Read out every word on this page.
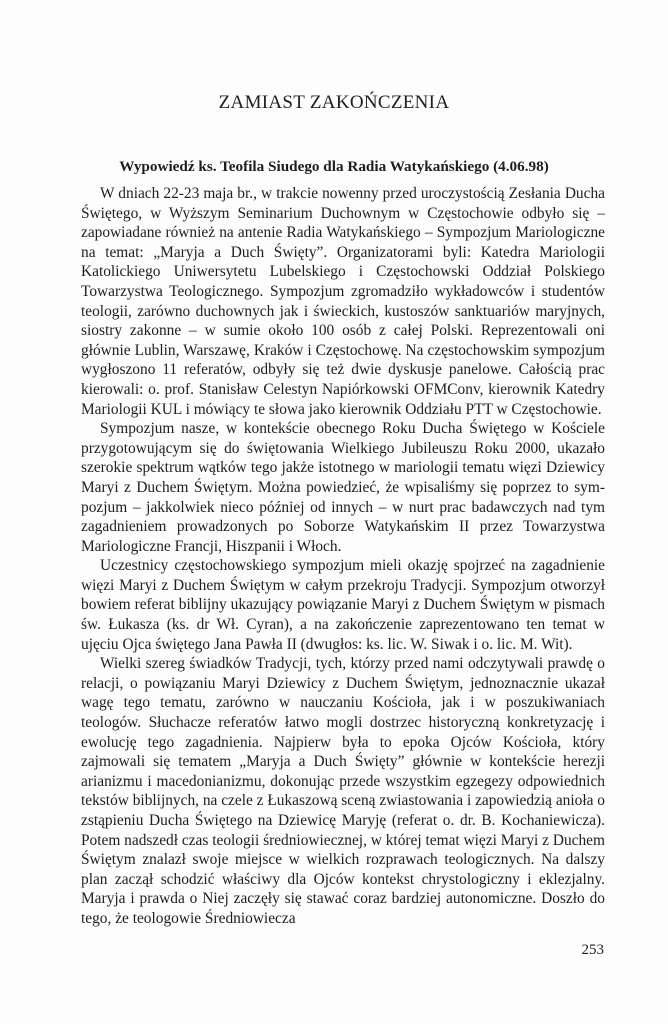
ZAMIAST ZAKOŃCZENIA
Wypowiedź ks. Teofila Siudego dla Radia Watykańskiego (4.06.98)

W dniach 22-23 maja br., w trakcie nowenny przed uroczystością Zesłania Ducha Świętego, w Wyższym Seminarium Duchownym w Częstochowie odbyło się – zapowiadane również na antenie Radia Watykańskiego – Sympozjum Mariologiczne na temat: „Maryja a Duch Święty”. Organizatorami byli: Katedra Mariologii Katolickiego Uniwersytetu Lubelskiego i Częstochowski Oddział Polskiego Towarzystwa Teologicznego. Sympozjum zgromadziło wykładowców i studentów teologii, zarówno duchownych jak i świeckich, kustoszów sanktuariów maryjnych, siostry zakonne – w sumie około 100 osób z całej Polski. Reprezentowali oni głównie Lublin, Warszawę, Kraków i Częstochowę. Na częstochowskim sympozjum wygłoszono 11 referatów, odbyły się też dwie dyskusje panelowe. Całością prac kierowali: o. prof. Stanisław Celestyn Napiórkowski OFMConv, kierownik Katedry Mariologii KUL i mówiący te słowa jako kierownik Oddziału PTT w Częstochowie.

Sympozjum nasze, w kontekście obecnego Roku Ducha Świętego w Kościele przygotowującym się do świętowania Wielkiego Jubileuszu Roku 2000, ukazało szerokie spektrum wątków tego jakże istotnego w mariologii tematu więzi Dziewicy Maryi z Duchem Świętym. Można powiedzieć, że wpisaliśmy się poprzez to sympozjum – jakkolwiek nieco później od innych – w nurt prac badawczych nad tym zagadnieniem prowadzonych po Soborze Watykańskim II przez Towarzystwa Mariologiczne Francji, Hiszpanii i Włoch.

Uczestnicy częstochowskiego sympozjum mieli okazję spojrzeć na zagadnienie więzi Maryi z Duchem Świętym w całym przekroju Tradycji. Sympozjum otworzył bowiem referat biblijny ukazujący powiązanie Maryi z Duchem Świętym w pismach św. Łukasza (ks. dr Wł. Cyran), a na zakończenie zaprezentowano ten temat w ujęciu Ojca świętego Jana Pawła II (dwugłos: ks. lic. W. Siwak i o. lic. M. Wit).

Wielki szereg świadków Tradycji, tych, którzy przed nami odczytywali prawdę o relacji, o powiązaniu Maryi Dziewicy z Duchem Świętym, jednoznacznie ukazał wagę tego tematu, zarówno w nauczaniu Kościoła, jak i w poszukiwaniach teologów. Słuchacze referatów łatwo mogli dostrzec historyczną konkretyzację i ewolucję tego zagadnienia. Najpierw była to epoka Ojców Kościoła, który zajmowali się tematem „Maryja a Duch Święty” głównie w kontekście herezji arianizmu i macedonianizmu, dokonując przede wszystkim egzegezy odpowiednich tekstów biblijnych, na czele z Łukaszową sceną zwiastowania i zapowiedzią anioła o zstąpieniu Ducha Świętego na Dziewicę Maryję (referat o. dr. B. Kochaniewicza). Potem nadszedł czas teologii średniowiecznej, w której temat więzi Maryi z Duchem Świętym znalazł swoje miejsce w wielkich rozprawach teologicznych. Na dalszy plan zaczął schodzić właściwy dla Ojców kontekst chrystologiczny i eklezjalny. Maryja i prawda o Niej zaczęły się stawać coraz bardziej autonomiczne. Doszło do tego, że teologowie Średniowiecza

253
